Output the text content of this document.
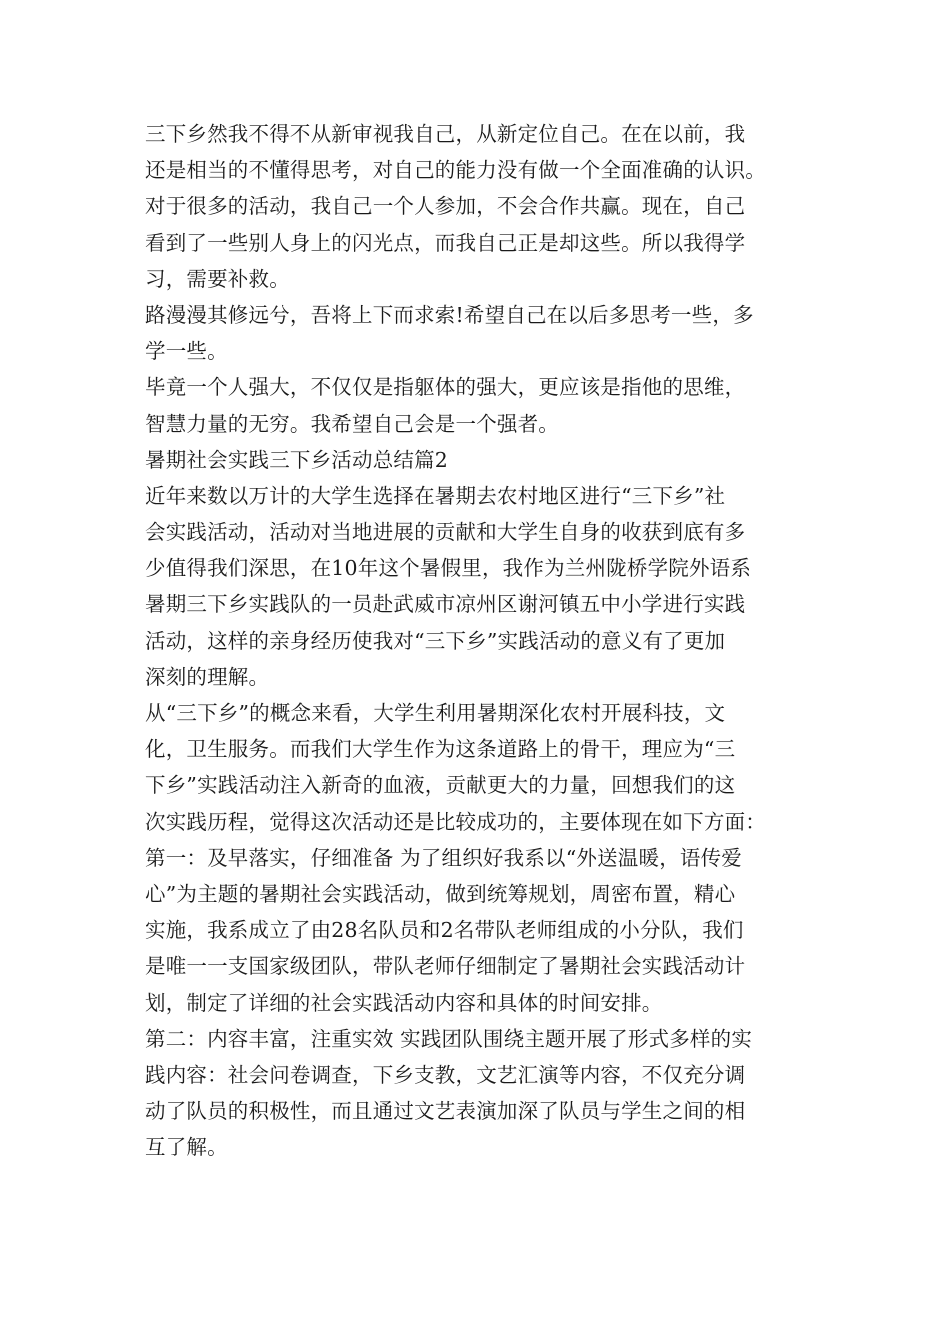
三下乡然我不得不从新审视我自己，从新定位自己。在在以前，我
还是相当的不懂得思考，对自己的能力没有做一个全面准确的认识。
对于很多的活动，我自己一个人参加，不会合作共赢。现在，自己
看到了一些别人身上的闪光点，而我自己正是却这些。所以我得学
习，需要补救。
路漫漫其修远兮，吾将上下而求索!希望自己在以后多思考一些，多
学一些。
毕竟一个人强大，不仅仅是指躯体的强大，更应该是指他的思维，
智慧力量的无穷。我希望自己会是一个强者。
暑期社会实践三下乡活动总结篇2
近年来数以万计的大学生选择在暑期去农村地区进行“三下乡”社
会实践活动，活动对当地进展的贡献和大学生自身的收获到底有多
少值得我们深思，在10年这个暑假里，我作为兰州陇桥学院外语系
暑期三下乡实践队的一员赴武威市凉州区谢河镇五中小学进行实践
活动，这样的亲身经历使我对“三下乡”实践活动的意义有了更加
深刻的理解。
从“三下乡”的概念来看，大学生利用暑期深化农村开展科技，文
化，卫生服务。而我们大学生作为这条道路上的骨干，理应为“三
下乡”实践活动注入新奇的血液，贡献更大的力量，回想我们的这
次实践历程，觉得这次活动还是比较成功的，主要体现在如下方面：
第一：及早落实，仔细准备 为了组织好我系以“外送温暖，语传爱
心”为主题的暑期社会实践活动，做到统筹规划，周密布置，精心
实施，我系成立了由28名队员和2名带队老师组成的小分队，我们
是唯一一支国家级团队，带队老师仔细制定了暑期社会实践活动计
划，制定了详细的社会实践活动内容和具体的时间安排。
第二：内容丰富，注重实效 实践团队围绕主题开展了形式多样的实
践内容：社会问卷调查，下乡支教，文艺汇演等内容，不仅充分调
动了队员的积极性，而且通过文艺表演加深了队员与学生之间的相
互了解。
